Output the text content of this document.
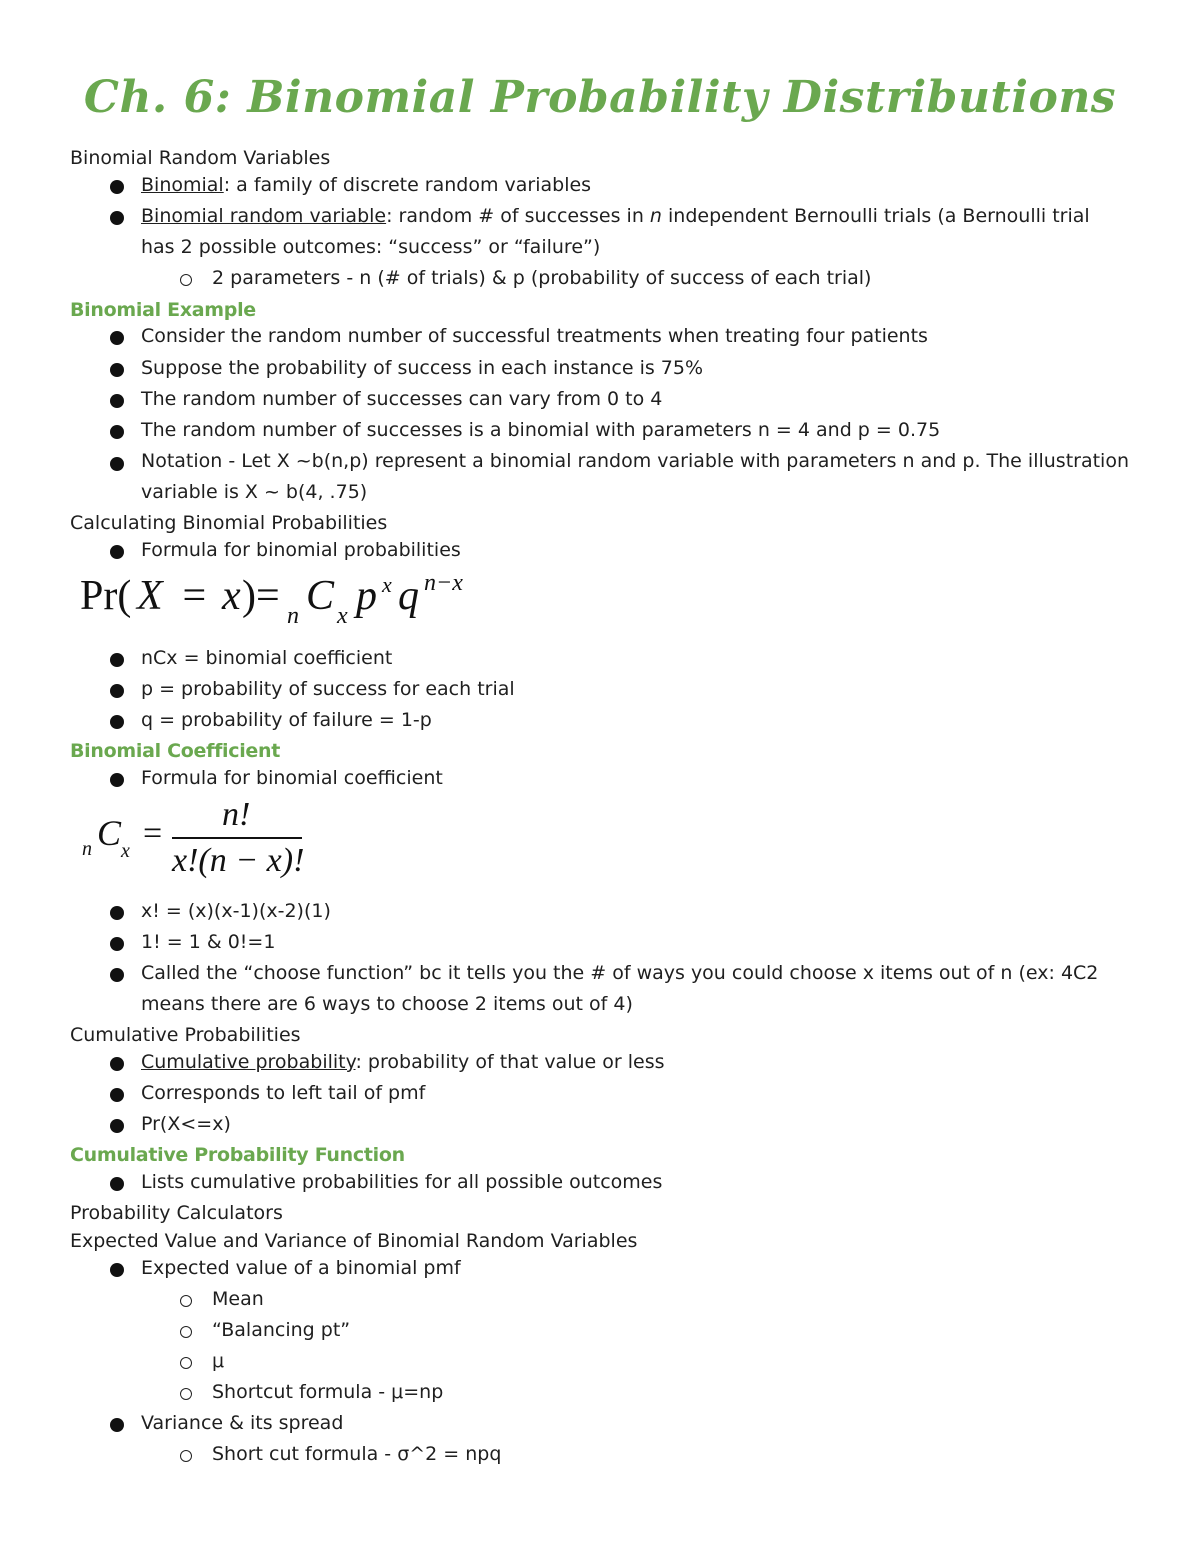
Ch. 6: Binomial Probability Distributions
Binomial Random Variables
Binomial: a family of discrete random variables
Binomial random variable: random # of successes in n independent Bernoulli trials (a Bernoulli trial
has 2 possible outcomes: “success” or “failure”)
2 parameters - n (# of trials) & p (probability of success of each trial)
Binomial Example
Consider the random number of successful treatments when treating four patients
Suppose the probability of success in each instance is 75%
The random number of successes can vary from 0 to 4
The random number of successes is a binomial with parameters n = 4 and p = 0.75
Notation - Let X ~b(n,p) represent a binomial random variable with parameters n and p. The illustration
variable is X ~ b(4, .75)
Calculating Binomial Probabilities
Formula for binomial probabilities
Pr( X = x )= n C x p x q n−x
nCx = binomial coefficient
p = probability of success for each trial
q = probability of failure = 1-p
Binomial Coefficient
Formula for binomial coefficient
n C x =
n!
x!(n − x)!
x! = (x)(x-1)(x-2)(1)
1! = 1 & 0!=1
Called the “choose function” bc it tells you the # of ways you could choose x items out of n (ex: 4C2
means there are 6 ways to choose 2 items out of 4)
Cumulative Probabilities
Cumulative probability: probability of that value or less
Corresponds to left tail of pmf
Pr(X<=x)
Cumulative Probability Function
Lists cumulative probabilities for all possible outcomes
Probability Calculators
Expected Value and Variance of Binomial Random Variables
Expected value of a binomial pmf
Mean
“Balancing pt”
μ
Shortcut formula - μ=np
Variance & its spread
Short cut formula - σ^2 = npq
